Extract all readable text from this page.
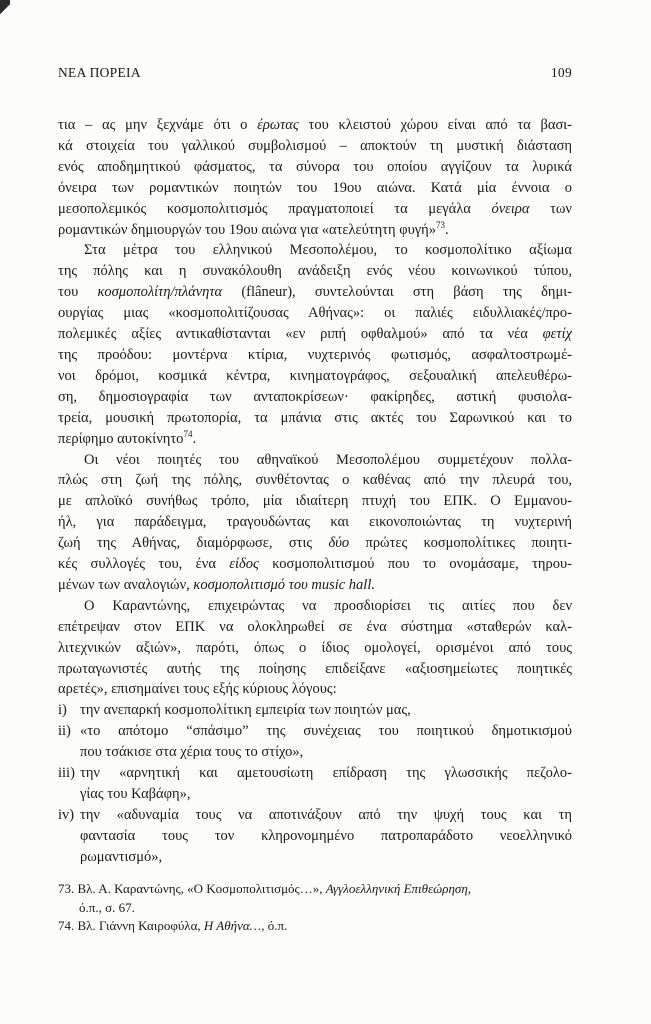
ΝΕΑ ΠΟΡΕΙΑ	109
τια – ας μην ξεχνάμε ότι ο έρωτας του κλειστού χώρου είναι από τα βασι-
κά στοιχεία του γαλλικού συμβολισμού – αποκτούν τη μυστική διάσταση
ενός αποδημητικού φάσματος, τα σύνορα του οποίου αγγίζουν τα λυρικά
όνειρα των ρομαντικών ποιητών του 19ου αιώνα. Κατά μία έννοια ο
μεσοπολεμικός κοσμοπολιτισμός πραγματοποιεί τα μεγάλα όνειρα των
ρομαντικών δημιουργών του 19ου αιώνα για «ατελεύτητη φυγή»$^{73}$.
Στα μέτρα του ελληνικού Μεσοπολέμου, το κοσμοπολίτικο αξίωμα
της πόλης και η συνακόλουθη ανάδειξη ενός νέου κοινωνικού τύπου,
του κοσμοπολίτη/πλάνητα (flâneur), συντελούνται στη βάση της δημι-
ουργίας μιας «κοσμοπολιτίζουσας Αθήνας»: οι παλιές ειδυλλιακές/προ-
πολεμικές αξίες αντικαθίστανται «εν ριπή οφθαλμού» από τα νέα φετίχ
της προόδου: μοντέρνα κτίρια, νυχτερινός φωτισμός, ασφαλτοστρωμέ-
νοι δρόμοι, κοσμικά κέντρα, κινηματογράφος, σεξουαλική απελευθέρω-
ση, δημοσιογραφία των ανταποκρίσεων· φακίρηδες, αστική φυσιολα-
τρεία, μουσική πρωτοπορία, τα μπάνια στις ακτές του Σαρωνικού και το
περίφημο αυτοκίνητο$^{74}$.
Οι νέοι ποιητές του αθηναϊκού Μεσοπολέμου συμμετέχουν πολλα-
πλώς στη ζωή της πόλης, συνθέτοντας ο καθένας από την πλευρά του,
με απλοϊκό συνήθως τρόπο, μία ιδιαίτερη πτυχή του ΕΠΚ. Ο Εμμανου-
ήλ, για παράδειγμα, τραγουδώντας και εικονοποιώντας τη νυχτερινή
ζωή της Αθήνας, διαμόρφωσε, στις δύο πρώτες κοσμοπολίτικες ποιητι-
κές συλλογές του, ένα είδος κοσμοπολιτισμού που το ονομάσαμε, τηρου-
μένων των αναλογιών, κοσμοπολιτισμό του music hall.
Ο Καραντώνης, επιχειρώντας να προσδιορίσει τις αιτίες που δεν
επέτρεψαν στον ΕΠΚ να ολοκληρωθεί σε ένα σύστημα «σταθερών καλ-
λιτεχνικών αξιών», παρότι, όπως ο ίδιος ομολογεί, ορισμένοι από τους
πρωταγωνιστές αυτής της ποίησης επιδείξανε «αξιοσημείωτες ποιητικές
αρετές», επισημαίνει τους εξής κύριους λόγους:
i) την ανεπαρκή κοσμοπολίτικη εμπειρία των ποιητών μας,
ii) «το απότομο “σπάσιμο” της συνέχειας του ποιητικού δημοτικισμού
που τσάκισε στα χέρια τους το στίχο»,
iii) την «αρνητική και αμετουσίωτη επίδραση της γλωσσικής πεζολο-
γίας του Καβάφη»,
iv) την «αδυναμία τους να αποτινάξουν από την ψυχή τους και τη
φαντασία τους τον κληρονομημένο πατροπαράδοτο νεοελληνικό
ρωμαντισμό»,
73. Βλ. Α. Καραντώνης, «Ο Κοσμοπολιτισμός…», Αγγλοελληνική Επιθεώρηση,
ό.π., σ. 67.
74. Βλ. Γιάννη Καιροφύλα, Η Αθήνα…, ό.π.
